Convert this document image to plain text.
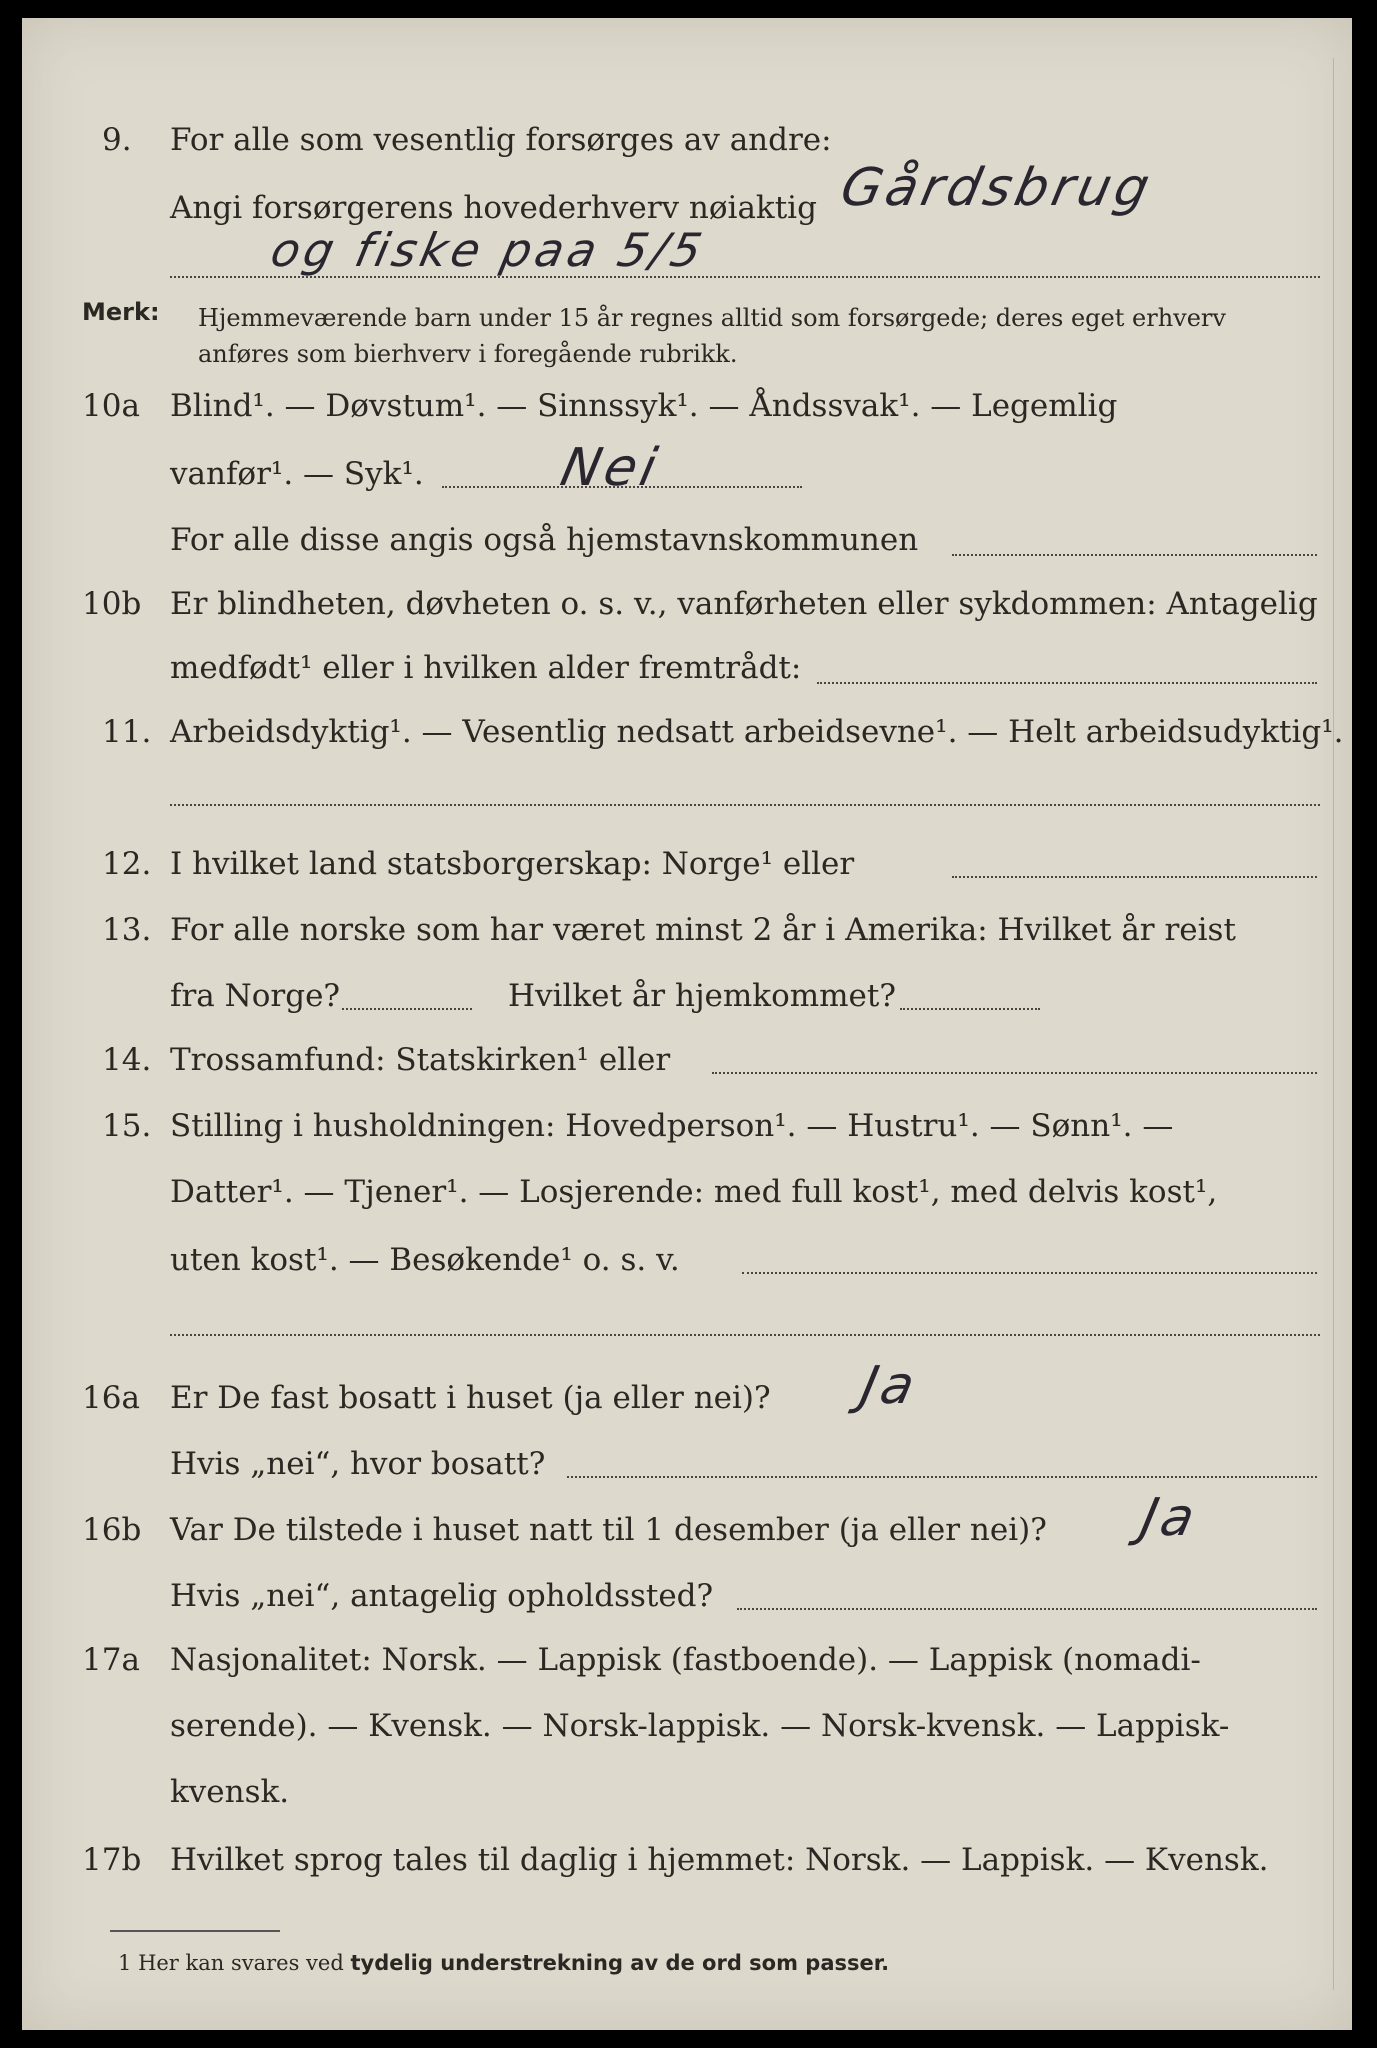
9. For alle som vesentlig forsørges av andre:
Angi forsørgerens hovederhverv nøiaktig Gårdsbrug
og fiske paa 5/5
Merk: Hjemmeværende barn under 15 år regnes alltid som forsørgede; deres eget erhverv
anføres som bierhverv i foregående rubrikk.
10a Blind¹. — Døvstum¹. — Sinnssyk¹. — Åndssvak¹. — Legemlig
vanfør¹. — Syk¹.	Nei
For alle disse angis også hjemstavnskommunen
10b Er blindheten, døvheten o. s. v., vanførheten eller sykdommen: Antagelig
medfødt¹ eller i hvilken alder fremtrådt:
11. Arbeidsdyktig¹. — Vesentlig nedsatt arbeidsevne¹. — Helt arbeidsudyktig¹.
12. I hvilket land statsborgerskap: Norge¹ eller
13. For alle norske som har været minst 2 år i Amerika: Hvilket år reist
fra Norge?	Hvilket år hjemkommet?
14. Trossamfund: Statskirken¹ eller
15. Stilling i husholdningen: Hovedperson¹. — Hustru¹. — Sønn¹. —
Datter¹. — Tjener¹. — Losjerende: med full kost¹, med delvis kost¹,
uten kost¹. — Besøkende¹ o. s. v.
16a Er De fast bosatt i huset (ja eller nei)? Ja
Hvis „nei“, hvor bosatt?
16b Var De tilstede i huset natt til 1 desember (ja eller nei)? Ja
Hvis „nei“, antagelig opholdssted?
17a Nasjonalitet: Norsk. — Lappisk (fastboende). — Lappisk (nomadi-
serende). — Kvensk. — Norsk-lappisk. — Norsk-kvensk. — Lappisk-
kvensk.
17b Hvilket sprog tales til daglig i hjemmet: Norsk. — Lappisk. — Kvensk.
1 Her kan svares ved tydelig understrekning av de ord som passer.
